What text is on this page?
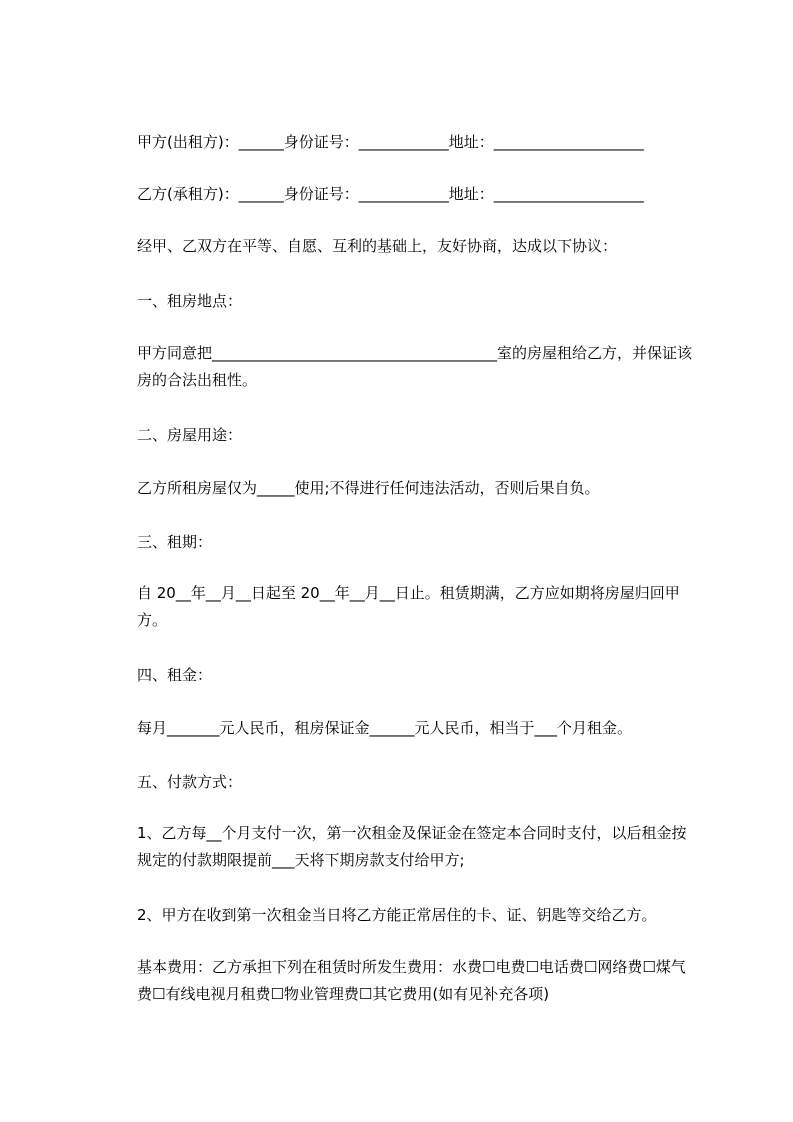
甲方(出租方)：______身份证号：____________地址：____________________
乙方(承租方)：______身份证号：____________地址：____________________
经甲、乙双方在平等、自愿、互利的基础上，友好协商，达成以下协议：
一、租房地点：
甲方同意把______________________________________室的房屋租给乙方，并保证该房的合法出租性。
二、房屋用途：
乙方所租房屋仅为_____使用;不得进行任何违法活动，否则后果自负。
三、租期：
自 20__年__月__日起至 20__年__月__日止。租赁期满，乙方应如期将房屋归回甲方。
四、租金：
每月_______元人民币，租房保证金______元人民币，相当于___个月租金。
五、付款方式：
1、乙方每__个月支付一次，第一次租金及保证金在签定本合同时支付，以后租金按规定的付款期限提前___天将下期房款支付给甲方;
2、甲方在收到第一次租金当日将乙方能正常居住的卡、证、钥匙等交给乙方。
基本费用：乙方承担下列在租赁时所发生费用：水费☐电费☐电话费☐网络费☐煤气费☐有线电视月租费☐物业管理费☐其它费用(如有见补充各项)
